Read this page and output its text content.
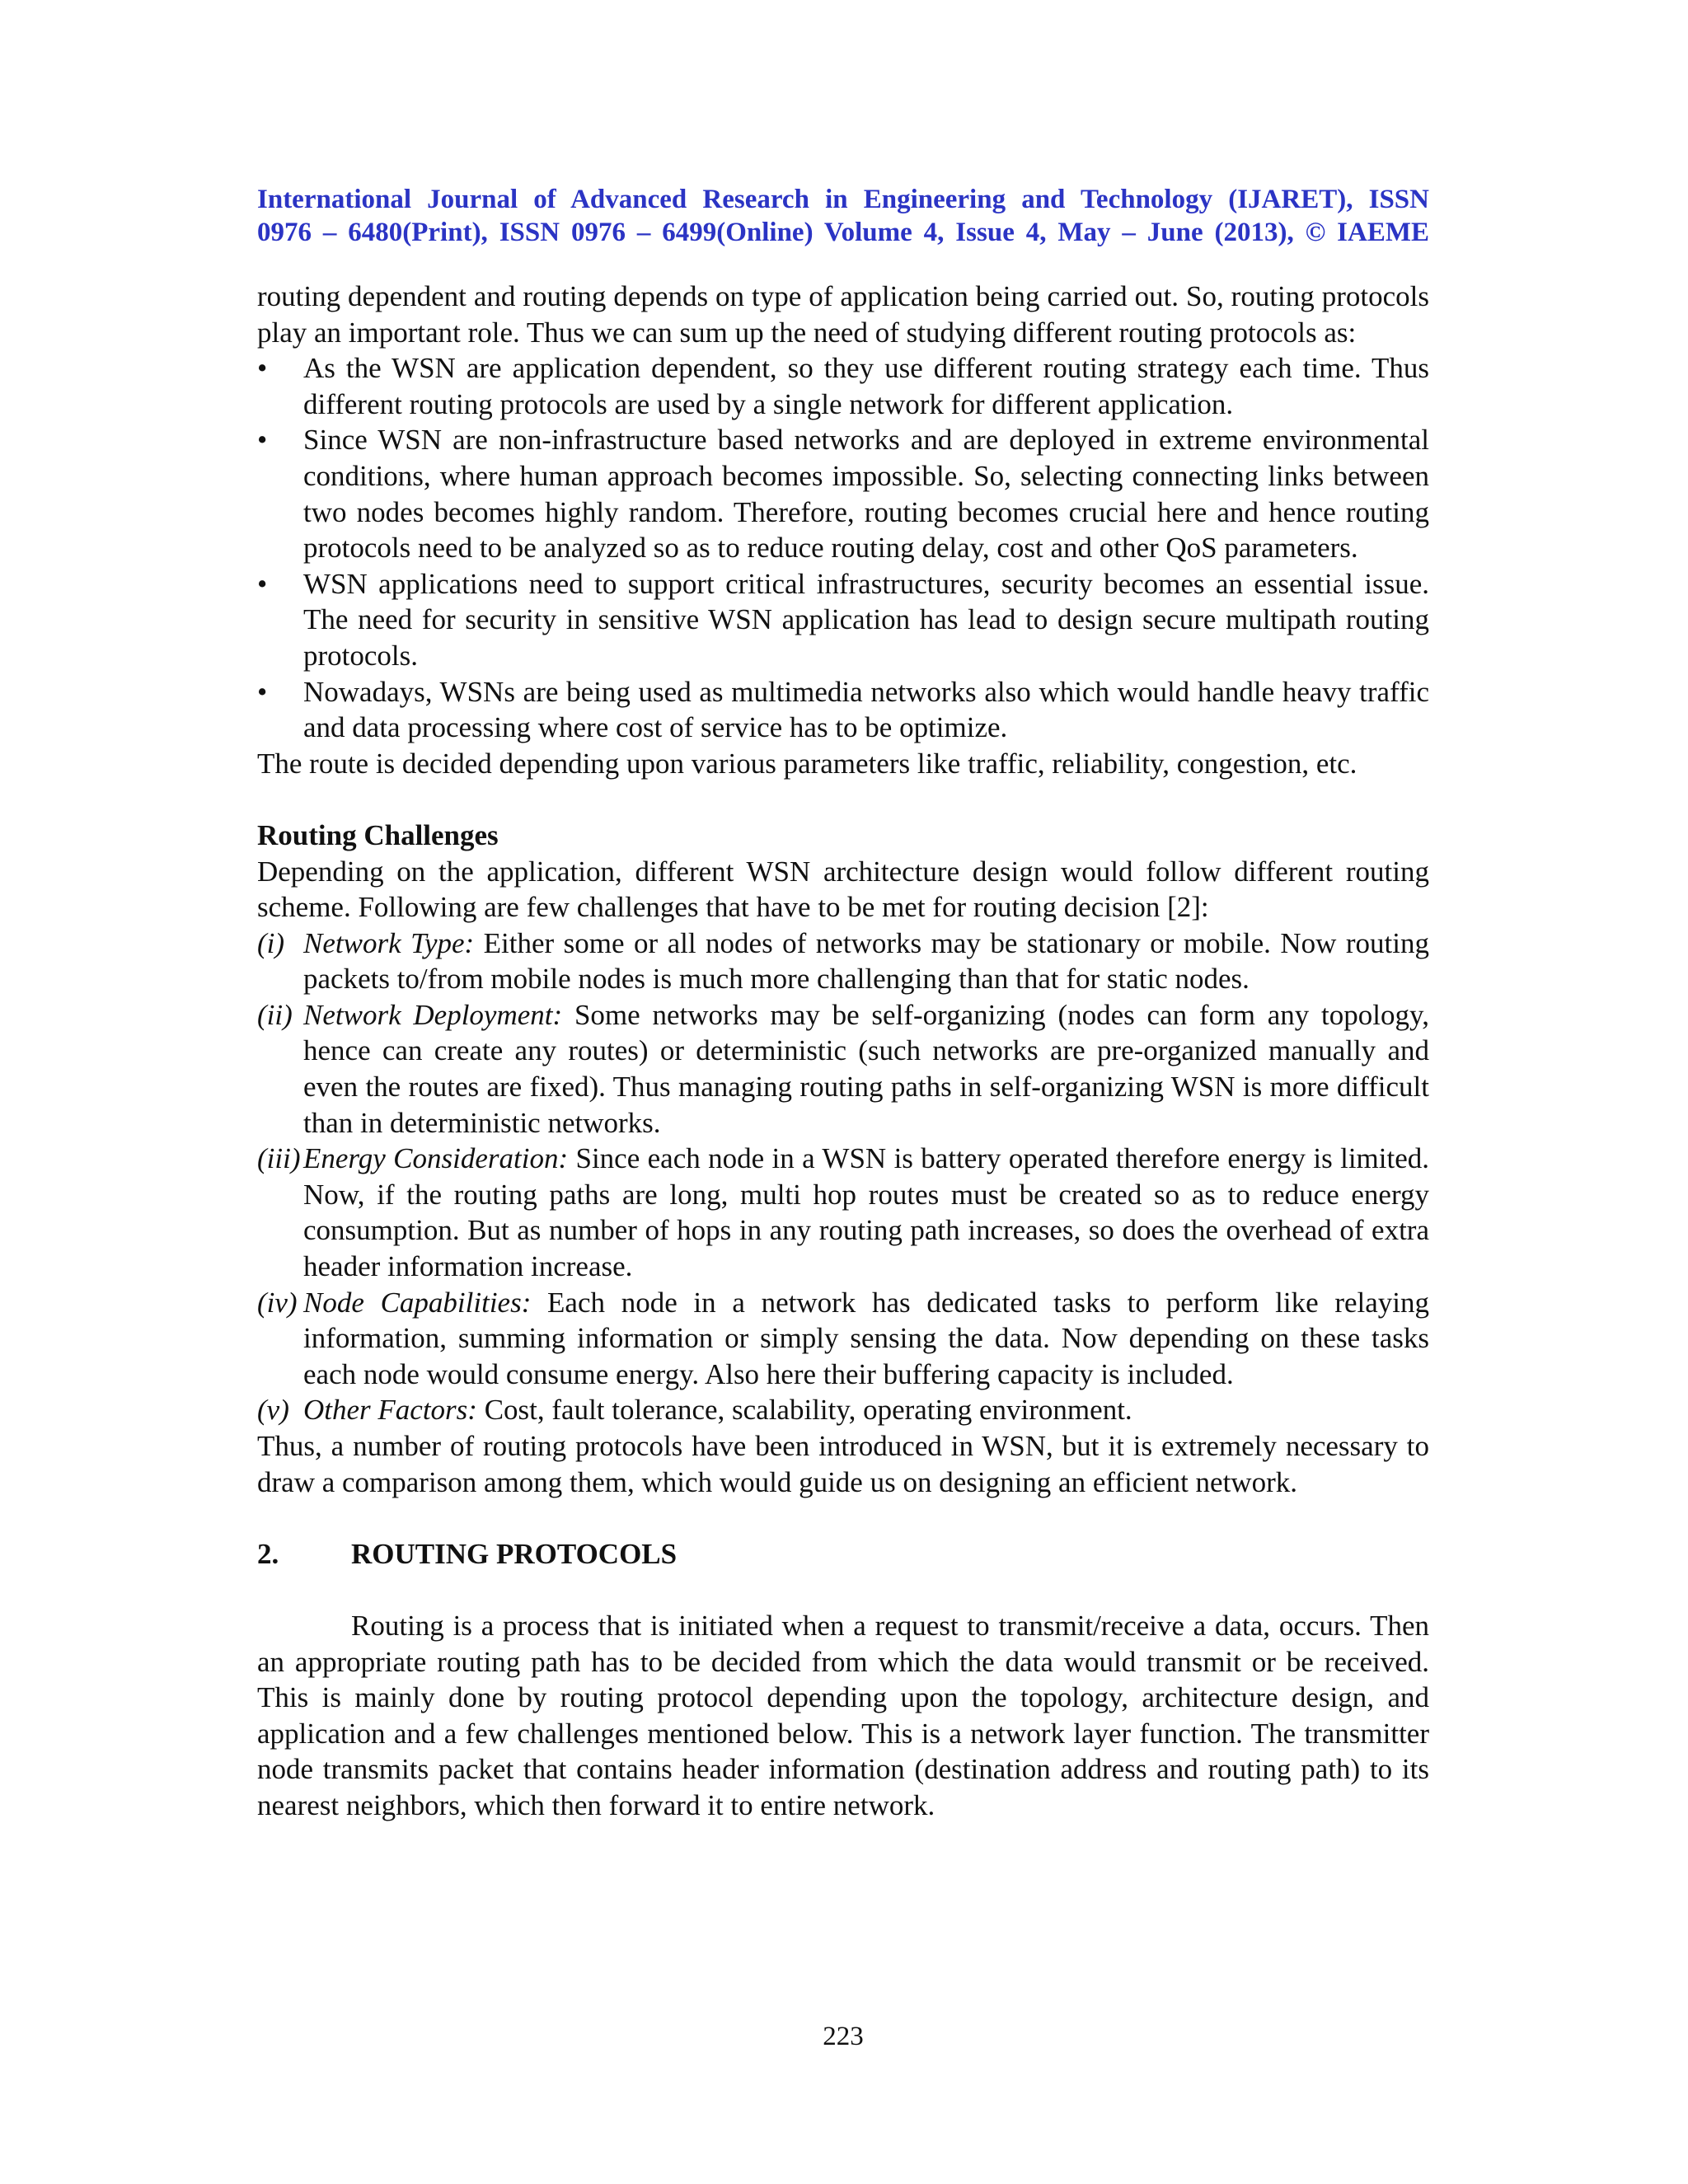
International Journal of Advanced Research in Engineering and Technology (IJARET), ISSN
0976 – 6480(Print), ISSN 0976 – 6499(Online) Volume 4, Issue 4, May – June (2013), © IAEME

routing dependent and routing depends on type of application being carried out. So, routing protocols play an important role. Thus we can sum up the need of studying different routing protocols as:

•	As the WSN are application dependent, so they use different routing strategy each time. Thus different routing protocols are used by a single network for different application.
•	Since WSN are non-infrastructure based networks and are deployed in extreme environmental conditions, where human approach becomes impossible. So, selecting connecting links between two nodes becomes highly random. Therefore, routing becomes crucial here and hence routing protocols need to be analyzed so as to reduce routing delay, cost and other QoS parameters.
•	WSN applications need to support critical infrastructures, security becomes an essential issue. The need for security in sensitive WSN application has lead to design secure multipath routing protocols.
•	Nowadays, WSNs are being used as multimedia networks also which would handle heavy traffic and data processing where cost of service has to be optimize.

The route is decided depending upon various parameters like traffic, reliability, congestion, etc.

Routing Challenges

Depending on the application, different WSN architecture design would follow different routing scheme. Following are few challenges that have to be met for routing decision [2]:

(i) Network Type: Either some or all nodes of networks may be stationary or mobile. Now routing packets to/from mobile nodes is much more challenging than that for static nodes.
(ii) Network Deployment: Some networks may be self-organizing (nodes can form any topology, hence can create any routes) or deterministic (such networks are pre-organized manually and even the routes are fixed). Thus managing routing paths in self-organizing WSN is more difficult than in deterministic networks.
(iii) Energy Consideration: Since each node in a WSN is battery operated therefore energy is limited. Now, if the routing paths are long, multi hop routes must be created so as to reduce energy consumption. But as number of hops in any routing path increases, so does the overhead of extra header information increase.
(iv) Node Capabilities: Each node in a network has dedicated tasks to perform like relaying information, summing information or simply sensing the data. Now depending on these tasks each node would consume energy. Also here their buffering capacity is included.
(v) Other Factors: Cost, fault tolerance, scalability, operating environment.

Thus, a number of routing protocols have been introduced in WSN, but it is extremely necessary to draw a comparison among them, which would guide us on designing an efficient network.

2.	ROUTING PROTOCOLS

Routing is a process that is initiated when a request to transmit/receive a data, occurs. Then an appropriate routing path has to be decided from which the data would transmit or be received. This is mainly done by routing protocol depending upon the topology, architecture design, and application and a few challenges mentioned below. This is a network layer function. The transmitter node transmits packet that contains header information (destination address and routing path) to its nearest neighbors, which then forward it to entire network.

223
